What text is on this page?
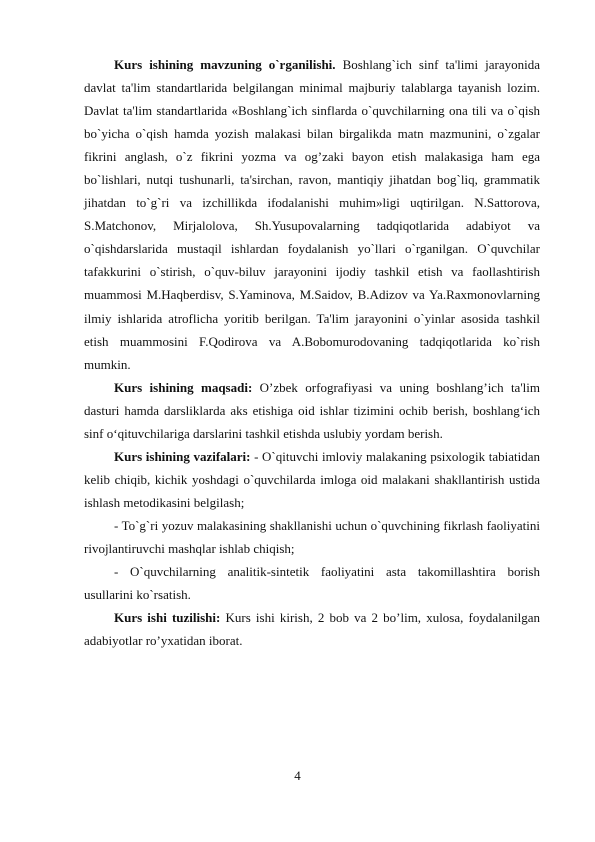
Kurs ishining mavzuning o`rganilishi. Boshlang`ich sinf ta'limi jarayonida davlat ta'lim standartlarida belgilangan minimal majburiy talablarga tayanish lozim. Davlat ta'lim standartlarida «Boshlang`ich sinflarda o`quvchilarning ona tili va o`qish bo`yicha o`qish hamda yozish malakasi bilan birgalikda matn mazmunini, o`zgalar fikrini anglash, o`z fikrini yozma va og’zaki bayon etish malakasiga ham ega bo`lishlari, nutqi tushunarli, ta'sirchan, ravon, mantiqiy jihatdan bog`liq, grammatik jihatdan to`g`ri va izchillikda ifodalanishi muhim»ligi uqtirilgan. N.Sattorova, S.Matchonov, Mirjalolova, Sh.Yusupovalarning tadqiqotlarida adabiyot va o`qishdarslarida mustaqil ishlardan foydalanish yo`llari o`rganilgan. O`quvchilar tafakkurini o`stirish, o`quv-biluv jarayonini ijodiy tashkil etish va faollashtirish muammosi M.Haqberdisv, S.Yaminova, M.Saidov, B.Adizov va Ya.Raxmonovlarning ilmiy ishlarida atroflicha yoritib berilgan. Ta'lim jarayonini o`yinlar asosida tashkil etish muammosini F.Qodirova va A.Bobomurodovaning tadqiqotlarida ko`rish mumkin.

Kurs ishining maqsadi: O’zbek orfografiyasi va uning boshlang’ich ta'lim dasturi hamda darsliklarda aks etishiga oid ishlar tizimini ochib berish, boshlang‘ich sinf o‘qituvchilariga darslarini tashkil etishda uslubiy yordam berish.

Kurs ishining vazifalari: - O`qituvchi imloviy malakaning psixologik tabiatidan kelib chiqib, kichik yoshdagi o`quvchilarda imloga oid malakani shakllantirish ustida ishlash metodikasini belgilash;

- To`g`ri yozuv malakasining shakllanishi uchun o`quvchining fikrlash faoliyatini rivojlantiruvchi mashqlar ishlab chiqish;

- O`quvchilarning analitik-sintetik faoliyatini asta takomillashtira borish usullarini ko`rsatish.

Kurs ishi tuzilishi: Kurs ishi kirish, 2 bob va 2 bo’lim, xulosa, foydalanilgan adabiyotlar ro’yxatidan iborat.

4
